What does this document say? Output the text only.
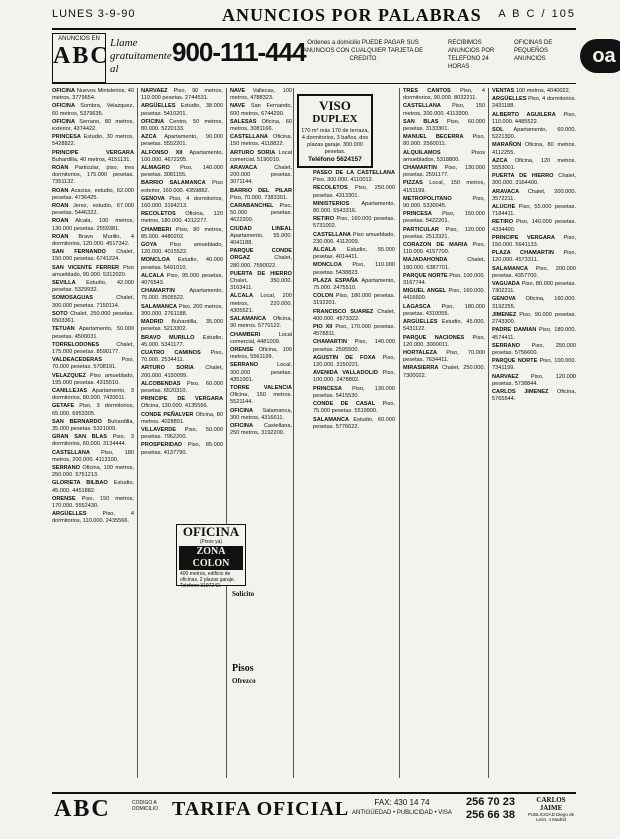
LUNES 3-9-90	ANUNCIOS POR PALABRAS A B C / 105
ANUNCIOS EN
ABC Llame gratuitamente al
900-111-444 Ordenes a domicilio PUEDE PAGAR SUS ANUNCIOS CON CUALQUIER TARJETA DE CREDITO
RECIBIMOS ANUNCIOS POR TELEFONO 24 HORAS
OFICINAS DE PEQUEÑOS ANUNCIOS	oa

OFICINA Nuevos Ministerios, 40 metros, 3779654.

OFICINA Sombra, Velazquez, 60 metros, 5379635.

OFICINA Serrano, 80 metros, exterior, 4374422.

PRINCESA Estudio, 30 metros, 5428822.

PRINCIPE VERGARA Buhardilla, 40 metros, 4151131.

ROAN Particular, piso, tres dormitorios, 175.000 pesetas. 7351132.

ROAN Acacias, estudio, 62.000 pesetas. 4736425.

ROAN Jerez, estudio, 67.000 pesetas. 5446322.

ROAN Alcala, 100 metros, 130.000 pesetas. 2559381.

ROAN Bravo Murillo, 4 dormitorios, 120.000. 4517342.

SAN FERNANDO Chalet, 150.000 pesetas. 6741224.

SAN VICENTE FERRER Piso amueblado, 90.000. 5312020.

SEVILLA Estudio, 42.000 pesetas. 5329932.

SOMOSAGUAS Chalet, 300.000 pesetas. 7150114.

SOTO Chalet, 250.000 pesetas. 6503361.

TETUAN Apartamento, 50.000 pesetas. 4500031.

TORRELODONES Chalet, 175.000 pesetas. 8590177.

VALDEACEDERAS Piso, 70.000 pesetas. 5708191.

VELAZQUEZ Piso amueblado, 195.000 pesetas. 4315510.

CANILLEJAS Apartamento, 3 dormitorios, 80.000. 7420011.

GETAFE Piso, 3 dormitorios, 65.000. 6953305.

SAN BERNARDO Buhardilla, 35.000 pesetas. 5321009.

GRAN SAN BLAS Piso, 3 dormitorios, 60.000. 3134444.

CASTELLANA Piso, 180 metros, 200.000. 4113100.

SERRANO Oficina, 100 metros, 250.000. 5751213.

GLORIETA BILBAO Estudio, 45.000. 4451882.

ORENSE Piso, 150 metros, 170.000. 5552430.

ARGÜELLES Piso, 4 dormitorios, 110.000. 2435566.

NARVAEZ Piso, 90 metros, 110.000 pesetas. 2744531.

ARGÜELLES Estudio, 38.000 pesetas. 5410201.

OFICINA Centro, 50 metros, 80.000. 5220133.

AZCA Apartamento, 90.000 pesetas. 5552201.

ALFONSO XII Apartamento, 100.000. 4672205.

ALMAGRO Piso, 140.000 pesetas. 3081155.

BARRIO SALAMANCA Piso exterior, 160.000. 4359882.

GENOVA Piso, 4 dormitorios, 160.000. 3194213.

RECOLETOS Oficina, 120 metros, 180.000. 4312277.

CHAMBERI Piso, 80 metros, 85.000. 4480202.

GOYA Piso amueblado, 120.000. 4015522.

MONCLOA Estudio, 40.000 pesetas. 5491010.

ALCALA Piso, 95.000 pesetas. 4076543.

CHAMARTIN Apartamento, 75.000. 3505522.

SALAMANCA Piso, 200 metros, 300.000. 2761188.

MADRID Buhardilla, 35.000 pesetas. 5213302.

BRAVO MURILLO Estudio, 45.000. 5341177.

CUATRO CAMINOS Piso, 70.000. 2534411.

ARTURO SORIA Chalet, 200.000. 4150099.

ALCOBENDAS Piso, 60.000 pesetas. 6520310.

PRINCIPE DE VERGARA Oficina, 130.000. 4135566.

CONDE PEÑALVER Oficina, 80 metros. 4028891.

VILLAVERDE Piso, 50.000 pesetas. 7962200.

PROSPERIDAD Piso, 85.000 pesetas. 4137790.

NAVE Vallecas, 100 metros, 4788323.

NAVE San Fernando, 600 metros, 6744290.

SALESAS Oficina, 60 metros, 3081166.

CASTELLANA Oficina, 150 metros, 4118822.

ARTURO SORIA Local comercial, 5190010.

ARAVACA Chalet, 200.000 pesetas. 3071144.

BARRIO DEL PILAR Piso, 70.000. 7383301.

CARABANCHEL Piso, 50.000 pesetas. 4622200.

CIUDAD LINEAL Apartamento, 55.000. 4041188.

PARQUE CONDE ORGAZ Chalet, 280.000. 7590022.

PUERTA DE HIERRO Chalet, 350.000. 3163411.

ALCALA Local, 200 metros, 220.000. 4305521.

SALAMANCA Oficina, 90 metros. 5770122.

CHAMBERI Local comercial, 4481009.

ORENSE Oficina, 100 metros, 5561199.

SERRANO Local, 300.000 pesetas. 4351001.

TORRE VALENCIA Oficina, 150 metros. 5521144.

OFICINA Salamanca, 300 metros, 4316611.

OFICINA Castellana, 250 metros, 3192200.

PASEO DE LA CASTELLANA Piso, 300.000. 4110012.

RECOLETOS Piso, 250.000 pesetas. 4313301.

MINISTERIOS Apartamento, 80.000. 5543316.

RETIRO Piso, 160.000 pesetas. 5731002.

CASTELLANA Piso amueblado, 230.000. 4112009.

ALCALA Estudio, 55.000 pesetas. 4014411.

MONCLOA Piso, 110.000 pesetas. 5438823.

PLAZA ESPAÑA Apartamento, 75.000. 2475510.

COLON Piso, 180.000 pesetas. 3192201.

FRANCISCO SUAREZ Chalet, 400.000. 4573322.

PIO XII Piso, 170.000 pesetas. 4578811.

CHAMARTIN Piso, 140.000 pesetas. 2595500.

AGUSTIN DE FOXA Piso, 120.000. 3150221.

AVENIDA VALLADOLID Piso, 100.000. 2478802.

PRINCESA Piso, 130.000 pesetas. 5415530.

CONDE DE CASAL Piso, 75.000 pesetas. 5519900.

SALAMANCA Estudio, 60.000 pesetas. 5776622.

TRES CANTOS Piso, 4 dormitorios, 90.000. 8032211.

CASTELLANA Piso, 150 metros, 200.000. 4113300.

SAN BLAS Piso, 60.000 pesetas. 3133301.

MANUEL BECERRA Piso, 80.000. 2560011.

ALQUILAMOS Pisos amueblados, 5318800.

CHAMARTIN Piso, 130.000 pesetas. 2591177.

PIZZAS Local, 150 metros, 4151199.

METROPOLITANO Piso, 90.000. 5330045.

PRINCESA Piso, 150.000 pesetas. 5422201.

PARTICULAR Piso, 120.000 pesetas. 2513321.

CORAZON DE MARIA Piso, 110.000. 4157700.

MAJADAHONDA Chalet, 180.000. 6387701.

PARQUE NORTE Piso, 100.000. 3167744.

MIGUEL ANGEL Piso, 160.000. 4416600.

LAGASCA Piso, 180.000 pesetas. 4310055.

ARGÜELLES Estudio, 45.000. 5431122.

PARQUE NACIONES Piso, 120.000. 3000011.

HORTALEZA Piso, 70.000 pesetas. 7634411.

MIRASIERRA Chalet, 250.000. 7300022.

VENTAS 100 metros, 4040022.

ARGÜELLES Piso, 4 dormitorios. 2431188.

ALBERTO AGUILERA Piso, 110.000. 4485522.

SOL Apartamento, 60.000. 5221300.

MARAÑON Oficina, 80 metros. 4112255.

AZCA Oficina, 120 metros. 5553001.

PUERTA DE HIERRO Chalet, 300.000. 3164400.

ARAVACA Chalet, 200.000. 3572211.

ALUCHE Piso, 55.000 pesetas. 7184411.

RETIRO Piso, 140.000 pesetas. 4334400.

PRINCIPE VERGARA Piso, 150.000. 5641133.

PLAZA CHAMARTIN Piso, 120.000. 4573311.

SALAMANCA Piso, 200.000 pesetas. 4357700.

VAGUADA Piso, 80.000 pesetas. 7302211.

GENOVA Oficina, 160.000. 3192255.

JIMENEZ Piso, 90.000 pesetas. 2743300.

PADRE DAMIAN Piso, 180.000. 4574411.

SERRANO Piso, 250.000 pesetas. 5756600.

PARQUE NORTE Piso, 100.000. 7341199.

NARVAEZ Piso, 120.000 pesetas. 5738844.

CARLOS JIMENEZ Oficina, 5765544.

VISO
DUPLEX
170 m² más 170 de terraza, 4 dormitorios, 3 baños, dos plazas garaje. 300.000 pesetas.
Teléfono 5624157
OFICINA
(Pisos ya)
ZONA COLON
400 metros, edificio de oficinas, 2 plazas garaje. Telefono 3197242.
Solicito
Pisos
Ofrezco
ABC	CODIGO A DOMICILIO TARIFA OFICIAL	FAX: 430 14 74
ANTIGÜEDAD • PUBLICIDAD • VISA
256 70 23
256 66 38
CARLOS JAIME
PUBLICIDAD Diego de León, 4 Madrid
